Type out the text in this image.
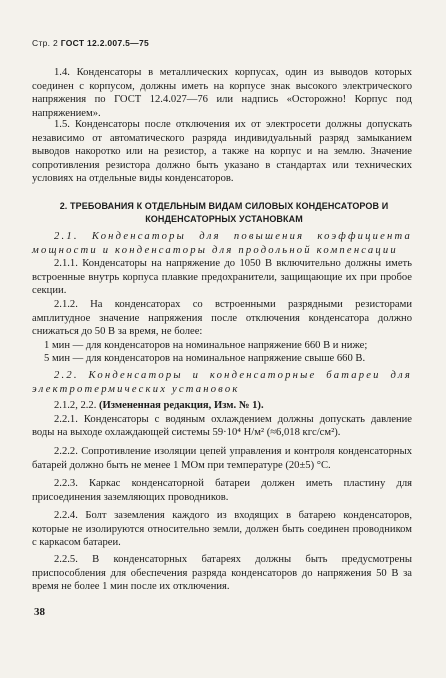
Стр. 2 ГОСТ 12.2.007.5—75

1.4. Конденсаторы в металлических корпусах, один из выводов которых соединен с корпусом, должны иметь на корпусе знак высокого электрического напряжения по ГОСТ 12.4.027—76 или надпись «Осторожно! Корпус под напряжением».

1.5. Конденсаторы после отключения их от электросети должны допускать независимо от автоматического разряда индивидуальный разряд замыканием выводов накоротко или на резистор, а также на корпус и на землю. Значение сопротивления резистора должно быть указано в стандартах или технических условиях на отдельные виды конденсаторов.

2. ТРЕБОВАНИЯ К ОТДЕЛЬНЫМ ВИДАМ СИЛОВЫХ КОНДЕНСАТОРОВ И КОНДЕНСАТОРНЫХ УСТАНОВКАМ

2.1. Конденсаторы для повышения коэффициента мощности и конденсаторы для продольной компенсации

2.1.1. Конденсаторы на напряжение до 1050 В включительно должны иметь встроенные внутрь корпуса плавкие предохранители, защищающие их при пробое секции.

2.1.2. На конденсаторах со встроенными разрядными резисторами амплитудное значение напряжения после отключения конденсатора должно снижаться до 50 В за время, не более:

1 мин — для конденсаторов на номинальное напряжение 660 В и ниже;

5 мин — для конденсаторов на номинальное напряжение свыше 660 В.

2.2. Конденсаторы и конденсаторные батареи для электротермических установок

2.1.2, 2.2. (Измененная редакция, Изм. № 1).

2.2.1. Конденсаторы с водяным охлаждением должны допускать давление воды на выходе охлаждающей системы 59·10⁴ Н/м² (≈6,018 кгс/см²).

2.2.2. Сопротивление изоляции цепей управления и контроля конденсаторных батарей должно быть не менее 1 МОм при температуре (20±5) °С.

2.2.3. Каркас конденсаторной батареи должен иметь пластину для присоединения заземляющих проводников.

2.2.4. Болт заземления каждого из входящих в батарею конденсаторов, которые не изолируются относительно земли, должен быть соединен проводником с каркасом батареи.

2.2.5. В конденсаторных батареях должны быть предусмотрены приспособления для обеспечения разряда конденсаторов до напряжения 50 В за время не более 1 мин после их отключения.

38
